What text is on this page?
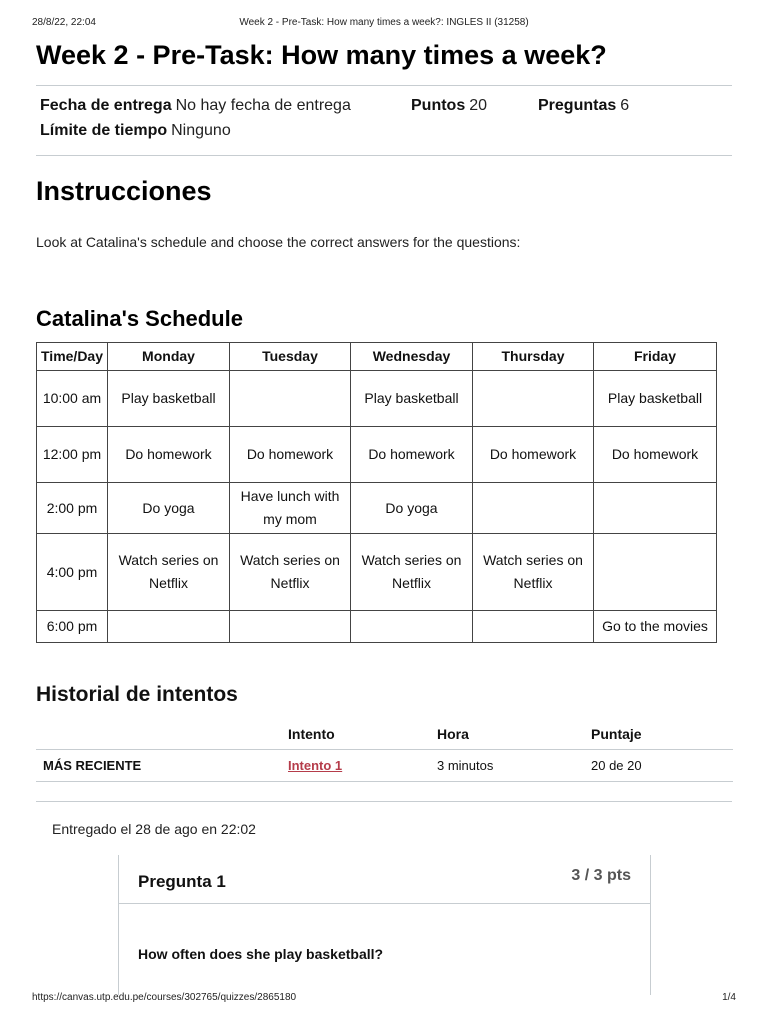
28/8/22, 22:04	Week 2 - Pre-Task: How many times a week?: INGLES II (31258)
Week 2 - Pre-Task: How many times a week?
Fecha de entrega No hay fecha de entrega	Puntos 20	Preguntas 6
Límite de tiempo Ninguno
Instrucciones

Look at Catalina's schedule and choose the correct answers for the questions:

Catalina's Schedule
Time/Day	Monday	Tuesday	Wednesday	Thursday	Friday
10:00 am	Play basketball		Play basketball		Play basketball
12:00 pm	Do homework	Do homework	Do homework	Do homework	Do homework
2:00 pm	Do yoga	Have lunch with my mom	Do yoga		
4:00 pm	Watch series on Netflix	Watch series on Netflix	Watch series on Netflix	Watch series on Netflix	
6:00 pm					Go to the movies
Historial de intentos
	Intento	Hora	Puntaje
MÁS RECIENTE	Intento 1	3 minutos	20 de 20

Entregado el 28 de ago en 22:02

Pregunta 1	3 / 3 pts

How often does she play basketball?

https://canvas.utp.edu.pe/courses/302765/quizzes/2865180	1/4
